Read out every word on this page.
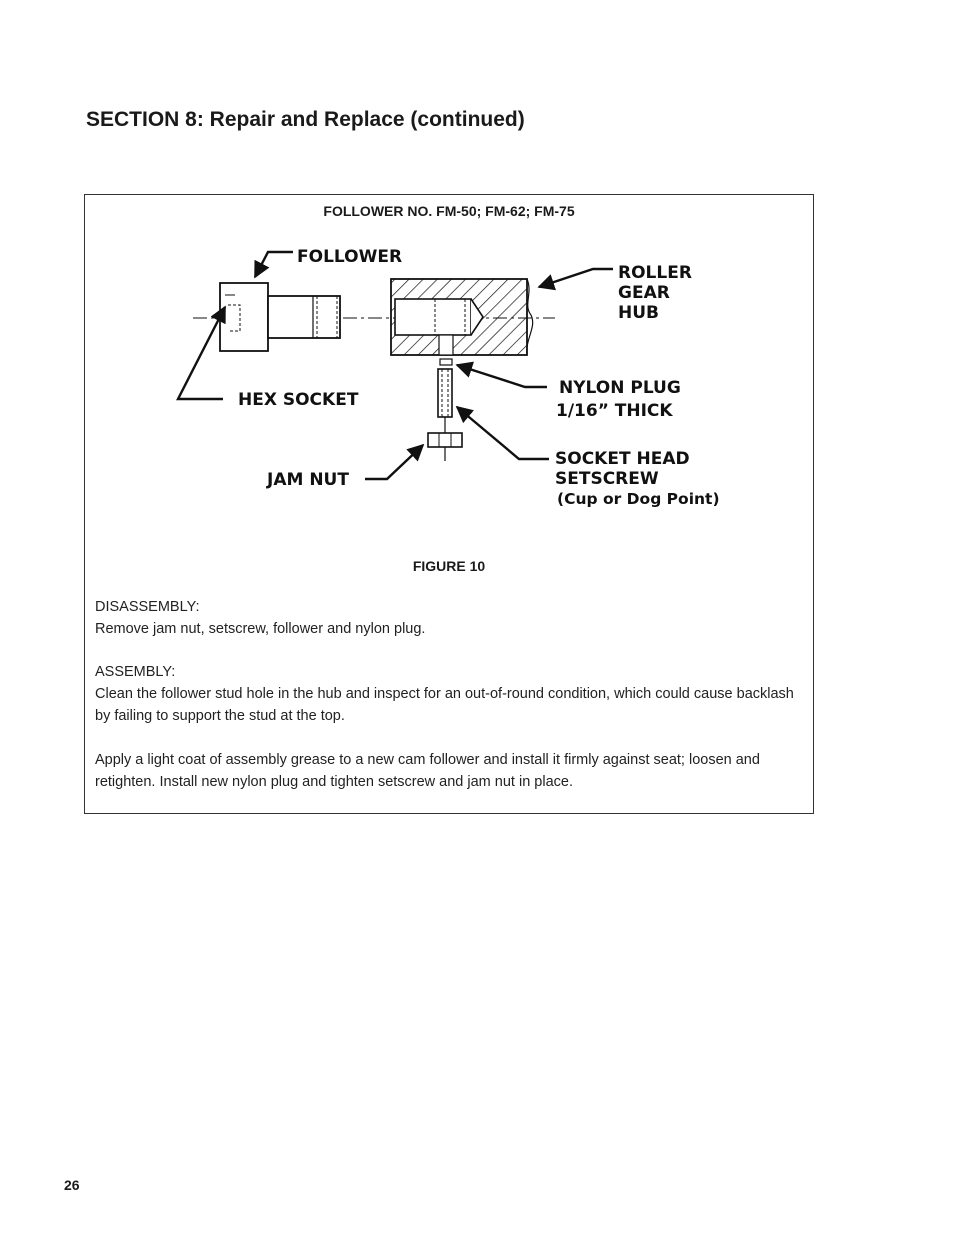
SECTION 8: Repair and Replace (continued)
FOLLOWER NO. FM-50; FM-62; FM-75
FOLLOWER
ROLLER
GEAR
HUB
HEX SOCKET
NYLON PLUG
1/16” THICK
JAM NUT
SOCKET HEAD
SETSCREW
(Cup or Dog Point)
FIGURE 10
DISASSEMBLY:
Remove jam nut, setscrew, follower and nylon plug.
ASSEMBLY:
Clean the follower stud hole in the hub and inspect for an out-of-round condition, which could cause backlash by failing to support the stud at the top.
Apply a light coat of assembly grease to a new cam follower and install it firmly against seat; loosen and retighten. Install new nylon plug and tighten setscrew and jam nut in place.
26
